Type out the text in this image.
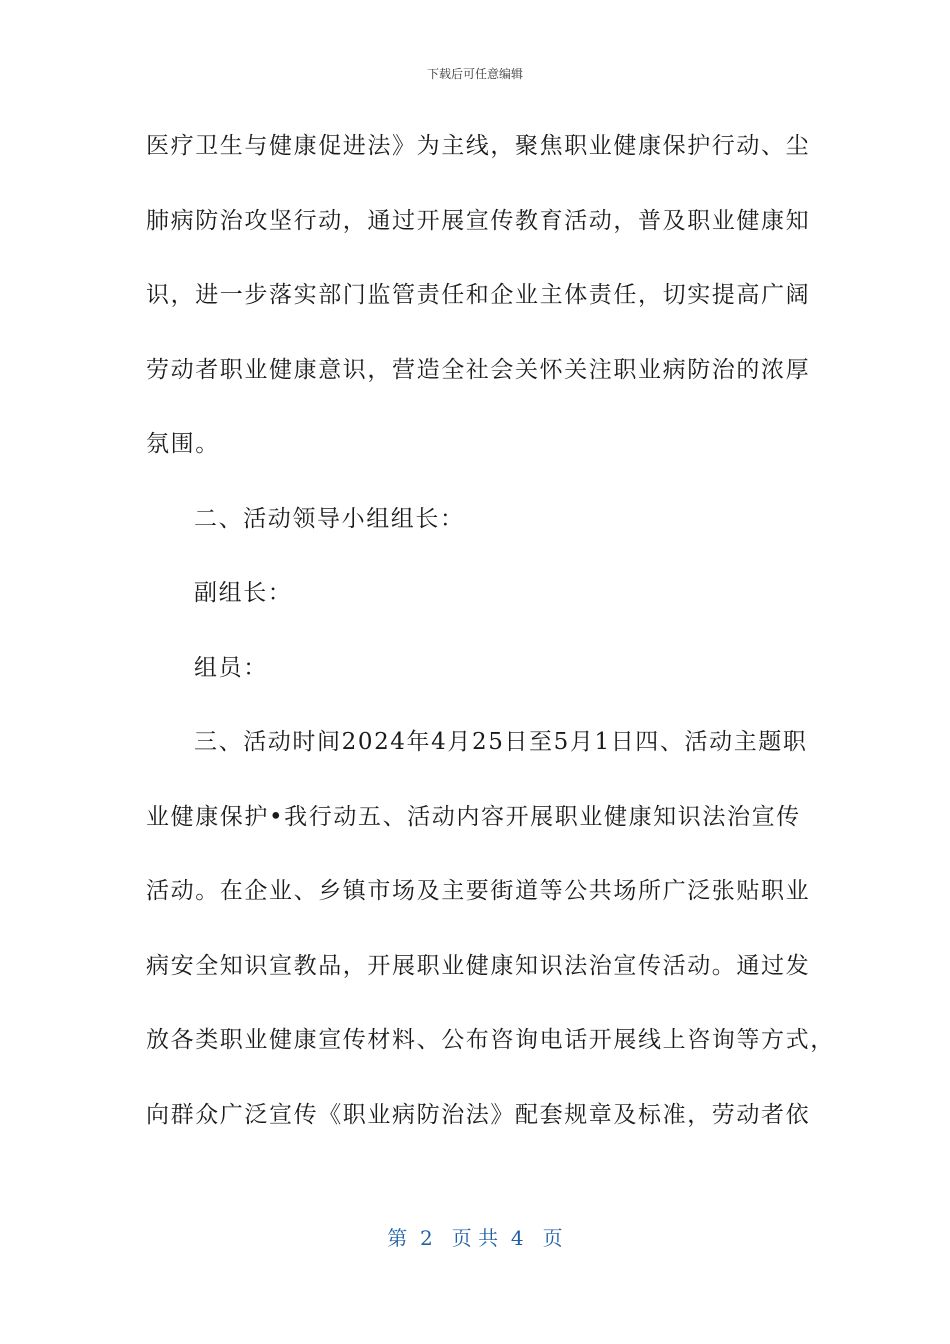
下载后可任意编辑
医疗卫生与健康促进法》为主线，聚焦职业健康保护行动、尘
肺病防治攻坚行动，通过开展宣传教育活动，普及职业健康知
识，进一步落实部门监管责任和企业主体责任，切实提高广阔
劳动者职业健康意识，营造全社会关怀关注职业病防治的浓厚
氛围。
二、活动领导小组组长：
副组长：
组员：
三、活动时间2024年4月25日至5月1日四、活动主题职
业健康保护•我行动五、活动内容开展职业健康知识法治宣传
活动。在企业、乡镇市场及主要街道等公共场所广泛张贴职业
病安全知识宣教品，开展职业健康知识法治宣传活动。通过发
放各类职业健康宣传材料、公布咨询电话开展线上咨询等方式，
向群众广泛宣传《职业病防治法》配套规章及标准，劳动者依
第  2   页 共  4   页
